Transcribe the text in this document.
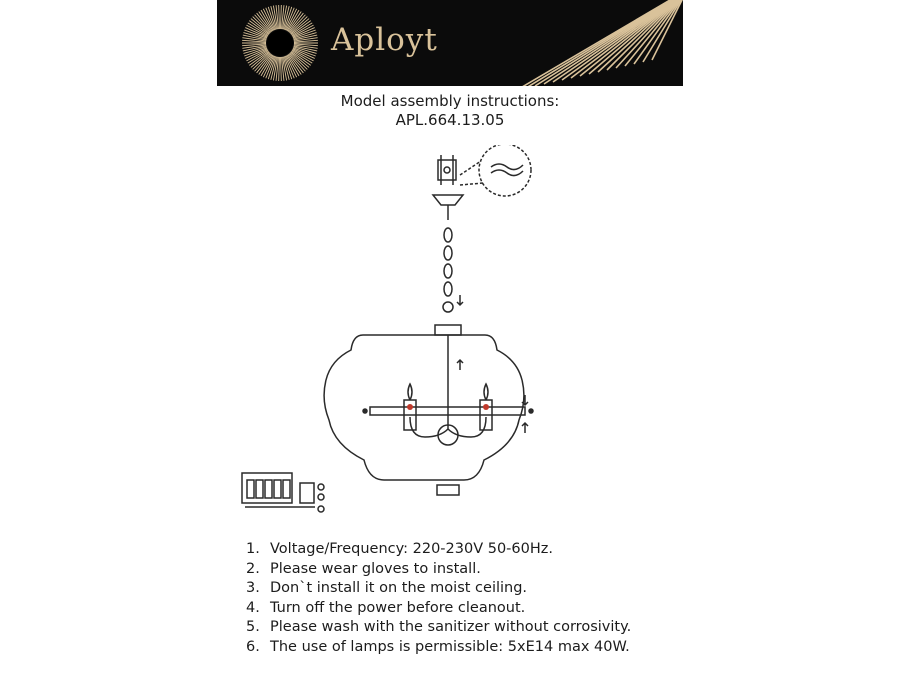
Aployt
Model assembly instructions:
APL.664.13.05
1. Voltage/Frequency: 220-230V 50-60Hz.
2. Please wear gloves to install.
3. Don`t install it on the moist ceiling.
4. Turn off the power before cleanout.
5. Please wash with the sanitizer without corrosivity.
6. The use of lamps is permissible: 5xE14 max 40W.
